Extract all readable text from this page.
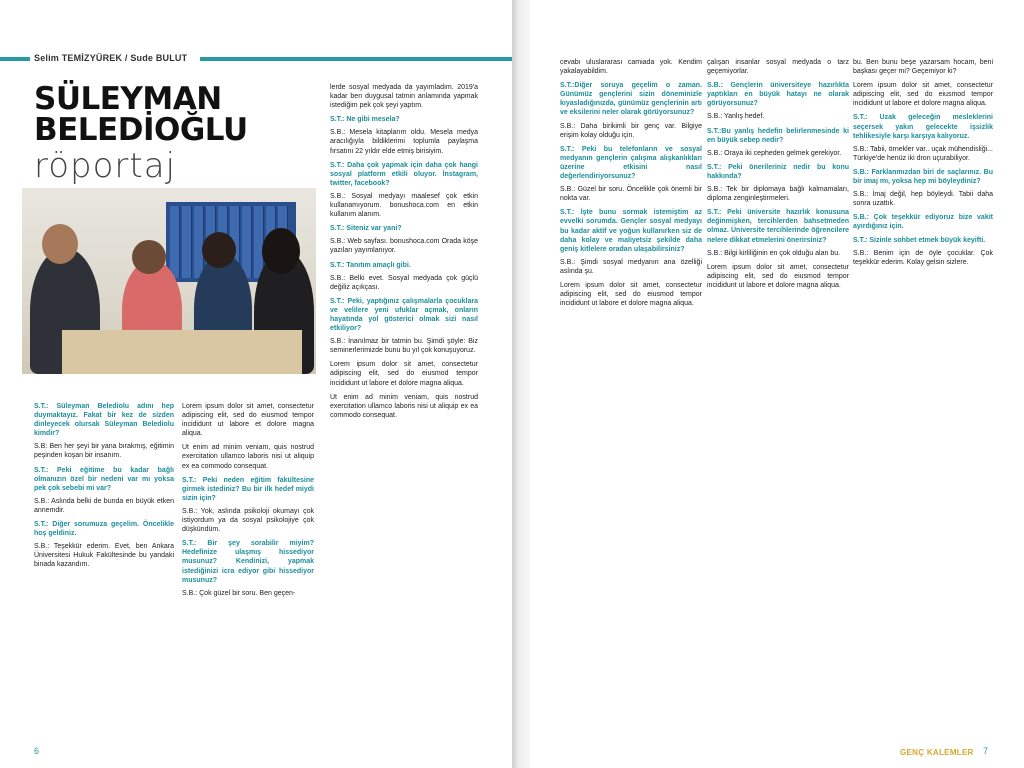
Selim TEMİZYÜREK / Sude BULUT
SÜLEYMAN
BELEDİOĞLU
röportaj

S.T.: Süleyman Belediolu adını hep duymaktayız. Fakat bir kez de sizden dinleyecek olursak Süleyman Belediolu kimdir?

S.B: Ben her şeyi bir yana bırakmış, eğitimin peşinden koşan bir insanım.

S.T.: Peki eğitime bu kadar bağlı olmanızın özel bir nedeni var mı yoksa pek çok sebebi mi var?

S.B.: Aslında belki de bunda en büyük etken annemdir.

S.T.: Diğer sorumuza geçelim. Öncelikle hoş geldiniz.

S.B.: Teşekkür ederim. Evet, ben Ankara Üniversitesi Hukuk Fakültesinde bu yandaki binada kazandım.

Lorem ipsum dolor sit amet, consectetur adipiscing elit, sed do eiusmod tempor incididunt ut labore et dolore magna aliqua.

Ut enim ad minim veniam, quis nostrud exercitation ullamco laboris nisi ut aliquip ex ea commodo consequat.

S.T.: Peki neden eğitim fakültesine girmek istediniz? Bu bir ilk hedef miydi sizin için?

S.B.: Yok, aslında psikoloji okumayı çok istiyordum ya da sosyal psikolojiye çok düşkündüm.

S.T.: Bir şey sorabilir miyim? Hedefinize ulaşmış hissediyor musunuz? Kendinizi, yapmak istediğinizi icra ediyor gibi hissediyor musunuz?

S.B.: Çok güzel bir soru. Ben geçen-

lerde sosyal medyada da yayımladım. 2019'a kadar ben duygusal tatmin anlamında yapmak istediğim pek çok şeyi yaptım.

S.T.: Ne gibi mesela?

S.B.: Mesela kitaplarım oldu. Mesela medya aracılığıyla bildiklerimi toplumla paylaşma fırsatını 22 yıldır elde etmiş birisiyim.

S.T.: Daha çok yapmak için daha çok hangi sosyal platform etkili oluyor. İnstagram, twitter, facebook?

S.B.: Sosyal medyayı maalesef çok etkin kullanamıyorum. bonushoca.com en etkin kullanım alanım.

S.T.: Siteniz var yani?

S.B.: Web sayfası. bonushoca.com Orada köşe yazıları yayımlanıyor.

S.T.: Tanıtım amaçlı gibi.

S.B.: Belki evet. Sosyal medyada çok güçlü değiliz açıkçası.

S.T.: Peki, yaptığınız çalışmalarla çocuklara ve velilere yeni ufuklar açmak, onların hayatında yol gösterici olmak sizi nasıl etkiliyor?

S.B.: İnanılmaz bir tatmin bu. Şimdi şöyle: Biz seminerlerimizde bunu bu yıl çok konuşuyoruz.

Lorem ipsum dolor sit amet, consectetur adipiscing elit, sed do eiusmod tempor incididunt ut labore et dolore magna aliqua.

Ut enim ad minim veniam, quis nostrud exercitation ullamco laboris nisi ut aliquip ex ea commodo consequat.

6

cevabı uluslararası camiada yok. Kendim yakalayabildim.

S.T.:Diğer soruya geçelim o zaman. Günümüz gençlerini sizin döneminizle kıyasladığınızda, günümüz gençlerinin artı ve eksilerini neler olarak görüyorsunuz?

S.B.: Daha birikimli bir genç var. Bilgiye erişim kolay olduğu için.

S.T.: Peki bu telefonların ve sosyal medyanın gençlerin çalışma alışkanlıkları üzerine etkisini nasıl değerlendiriyorsunuz?

S.B.: Güzel bir soru. Öncelikle çok önemli bir nokta var.

S.T.: İşte bunu sormak istemiştim az evvelki sorumda. Gençler sosyal medyayı bu kadar aktif ve yoğun kullanırken siz de daha kolay ve maliyetsiz şekilde daha geniş kitlelere oradan ulaşabilirsiniz?

S.B.: Şimdi sosyal medyanın ana özelliği aslında şu.

Lorem ipsum dolor sit amet, consectetur adipiscing elit, sed do eiusmod tempor incididunt ut labore et dolore magna aliqua.

çalışan insanlar sosyal medyada o tarz geçemiyorlar.

S.B.: Gençlerin üniversiteye hazırlıkta yaptıkları en büyük hatayı ne olarak görüyorsunuz?

S.B.: Yanlış hedef.

S.T.:Bu yanlış hedefin belirlenmesinde ki en büyük sebep nedir?

S.B.: Oraya iki cepheden gelmek gerekiyor.

S.T.: Peki önerileriniz nedir bu konu hakkında?

S.B.: Tek bir diplomaya bağlı kalmamaları, diploma zenginleştirmeleri.

S.T.: Peki üniversite hazırlık konusuna değinmişken, tercihlerden bahsetmeden olmaz. Üniversite tercihlerinde öğrencilere nelere dikkat etmelerini önerirsiniz?

S.B.: Bilgi kirliliğinin en çok olduğu alan bu.

Lorem ipsum dolor sit amet, consectetur adipiscing elit, sed do eiusmod tempor incididunt ut labore et dolore magna aliqua.

bu. Ben bunu beşe yazarsam hocam, beni başkası geçer mi? Geçemiyor ki?

Lorem ipsum dolor sit amet, consectetur adipiscing elit, sed do eiusmod tempor incididunt ut labore et dolore magna aliqua.

S.T.: Uzak geleceğin mesleklerini seçersek yakın gelecekte işsizlik tehlikesiyle karşı karşıya kalıyoruz.

S.B.: Tabii, örnekler var.. uçak mühendisliği... Türkiye'de henüz iki dron uçurabiliyor.

S.B.: Farklanmızdan biri de saçlarınız. Bu bir imaj mı, yoksa hep mi böyleydiniz?

S.B.: İmaj değil, hep böyleydi. Tabii daha sonra uzattık.

S.B.: Çok teşekkür ediyoruz bize vakit ayırdığınız için.

S.T.: Sizinle sohbet etmek büyük keyifti.

S.B.: Benim için de öyle çocuklar. Çok teşekkür ederim. Kolay gelsin sizlere.

GENÇ KALEMLER 7
